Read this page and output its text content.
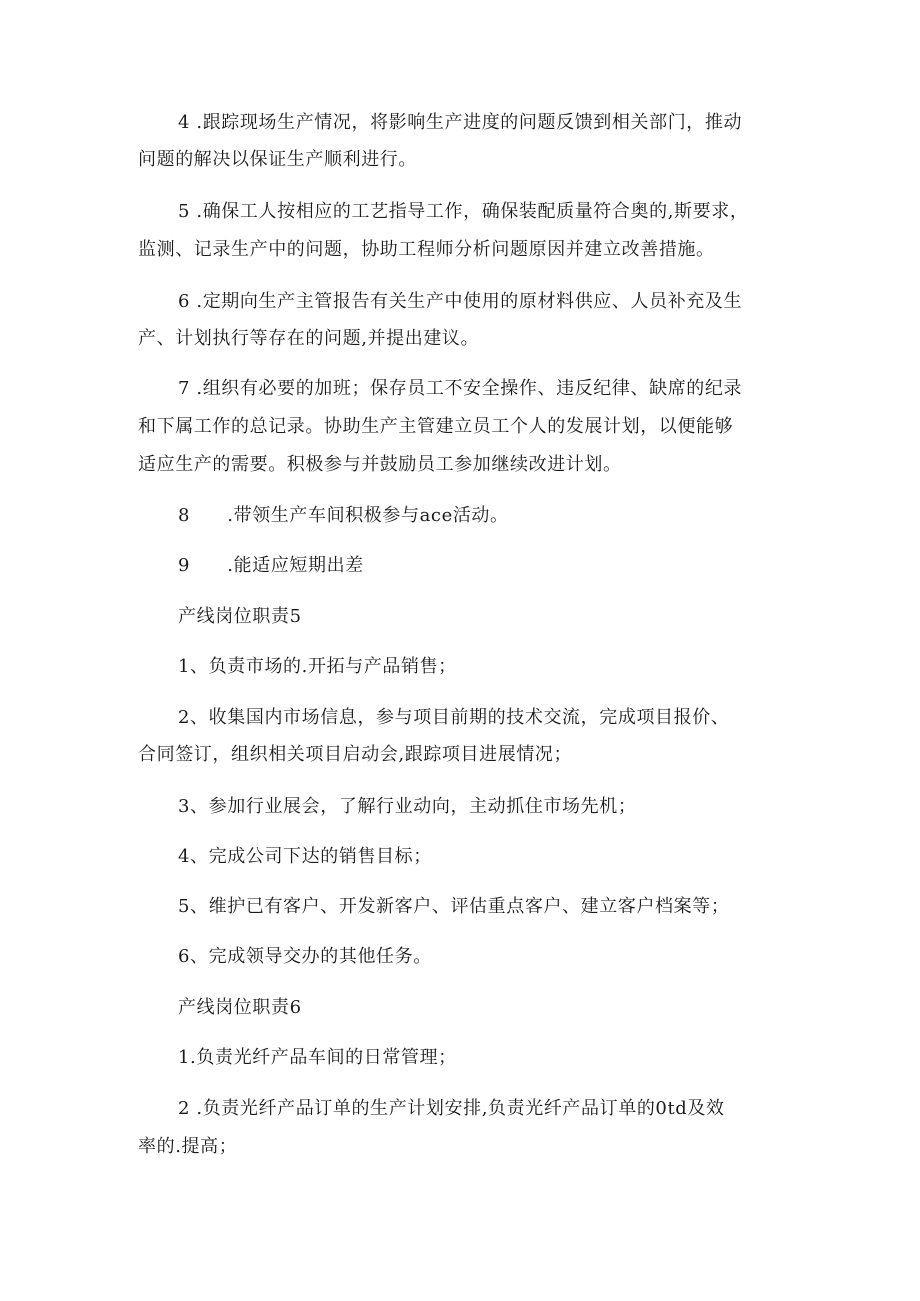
4 .跟踪现场生产情况，将影响生产进度的问题反馈到相关部门，推动
问题的解决以保证生产顺利进行。
5 .确保工人按相应的工艺指导工作，确保装配质量符合奥的,斯要求，
监测、记录生产中的问题，协助工程师分析问题原因并建立改善措施。
6 .定期向生产主管报告有关生产中使用的原材料供应、人员补充及生
产、计划执行等存在的问题,并提出建议。
7 .组织有必要的加班；保存员工不安全操作、违反纪律、缺席的纪录
和下属工作的总记录。协助生产主管建立员工个人的发展计划，以便能够
适应生产的需要。积极参与并鼓励员工参加继续改进计划。
8　　.带领生产车间积极参与ace活动。
9　　.能适应短期出差
产线岗位职责5
1、负责市场的.开拓与产品销售；
2、收集国内市场信息，参与项目前期的技术交流，完成项目报价、
合同签订，组织相关项目启动会,跟踪项目进展情况；
3、参加行业展会，了解行业动向，主动抓住市场先机；
4、完成公司下达的销售目标；
5、维护已有客户、开发新客户、评估重点客户、建立客户档案等；
6、完成领导交办的其他任务。
产线岗位职责6
1.负责光纤产品车间的日常管理；
2 .负责光纤产品订单的生产计划安排,负责光纤产品订单的0td及效
率的.提高；
